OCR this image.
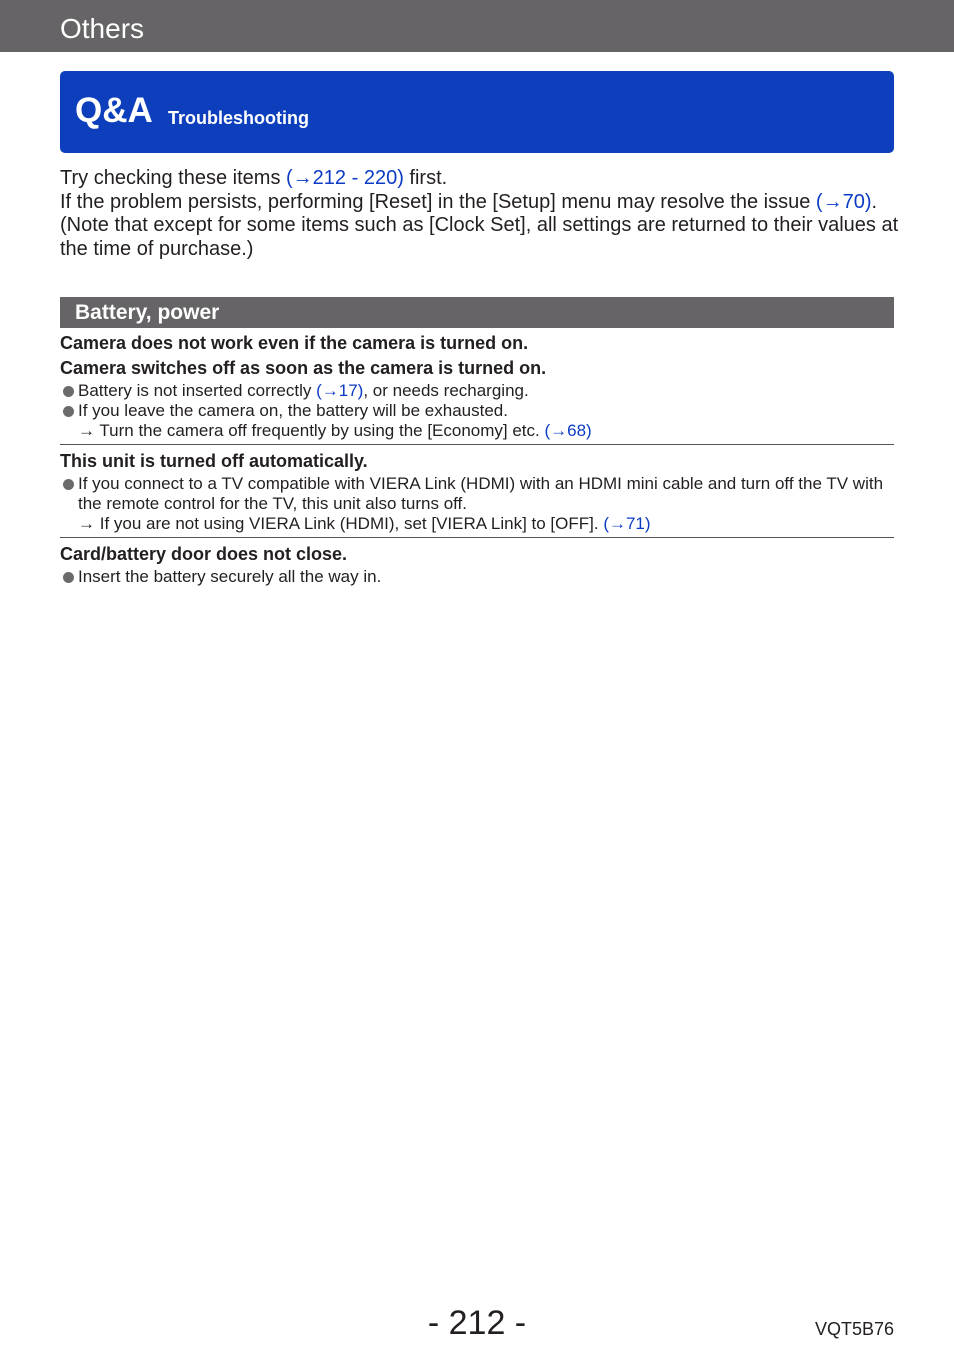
Others
Q&A Troubleshooting

Try checking these items (→212 - 220) first.

If the problem persists, performing [Reset] in the [Setup] menu may resolve the issue (→70). (Note that except for some items such as [Clock Set], all settings are returned to their values at the time of purchase.)

Battery, power

Camera does not work even if the camera is turned on.

Camera switches off as soon as the camera is turned on.

Battery is not inserted correctly (→17), or needs recharging.

If you leave the camera on, the battery will be exhausted.

→ Turn the camera off frequently by using the [Economy] etc. (→68)

This unit is turned off automatically.

If you connect to a TV compatible with VIERA Link (HDMI) with an HDMI mini cable and turn off the TV with the remote control for the TV, this unit also turns off.

→ If you are not using VIERA Link (HDMI), set [VIERA Link] to [OFF]. (→71)

Card/battery door does not close.

Insert the battery securely all the way in.

- 212 -	VQT5B76
